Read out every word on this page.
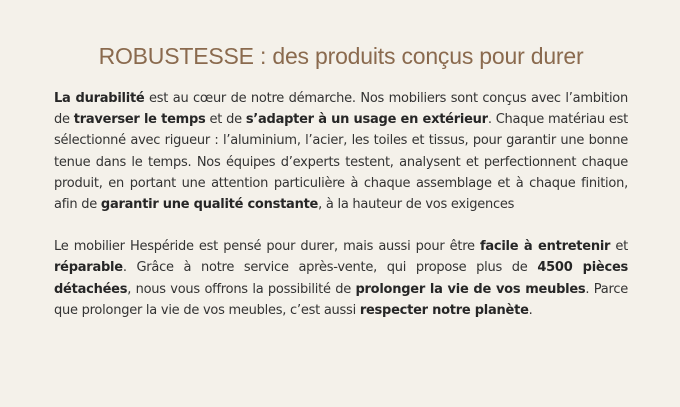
ROBUSTESSE : des produits conçus pour durer

La durabilité est au cœur de notre démarche. Nos mobiliers sont conçus avec l’ambition de traverser le temps et de s’adapter à un usage en extérieur. Chaque matériau est sélectionné avec rigueur : l’aluminium, l’acier, les toiles et tissus, pour garantir une bonne tenue dans le temps. Nos équipes d’experts testent, analysent et perfectionnent chaque produit, en portant une attention particulière à chaque assemblage et à chaque finition, afin de garantir une qualité constante, à la hauteur de vos exigences

Le mobilier Hespéride est pensé pour durer, mais aussi pour être facile à entretenir et réparable. Grâce à notre service après-vente, qui propose plus de 4500 pièces détachées, nous vous offrons la possibilité de prolonger la vie de vos meubles. Parce que prolonger la vie de vos meubles, c’est aussi respecter notre planète.
